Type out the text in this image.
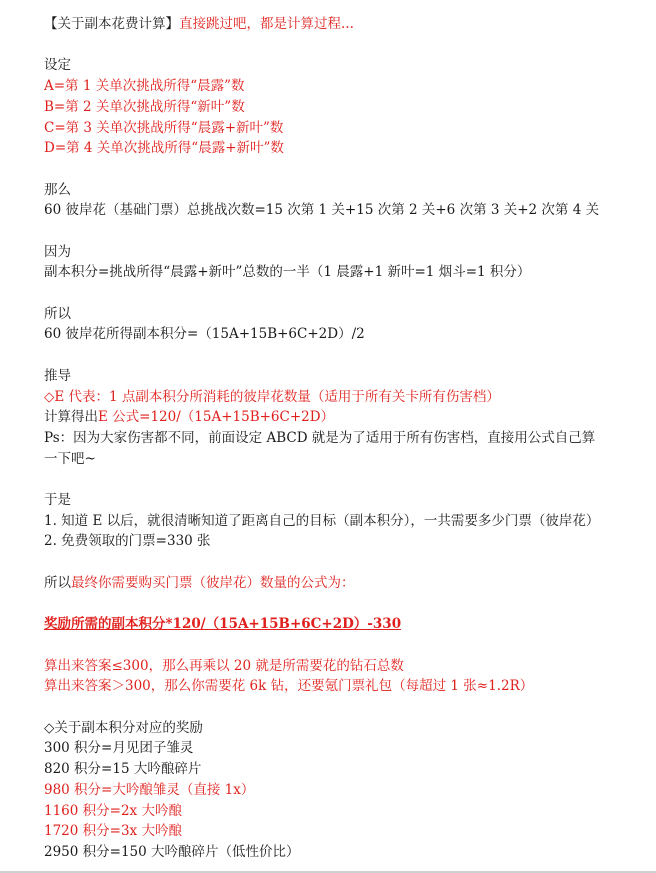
【关于副本花费计算】直接跳过吧，都是计算过程...
设定
A=第 1 关单次挑战所得“晨露”数
B=第 2 关单次挑战所得“新叶”数
C=第 3 关单次挑战所得“晨露+新叶”数
D=第 4 关单次挑战所得“晨露+新叶”数
那么
60 彼岸花（基础门票）总挑战次数=15 次第 1 关+15 次第 2 关+6 次第 3 关+2 次第 4 关
因为
副本积分=挑战所得“晨露+新叶”总数的一半（1 晨露+1 新叶=1 烟斗=1 积分）
所以
60 彼岸花所得副本积分=（15A+15B+6C+2D）/2
推导
◇E 代表：1 点副本积分所消耗的彼岸花数量（适用于所有关卡所有伤害档）
计算得出E 公式=120/（15A+15B+6C+2D）
Ps：因为大家伤害都不同，前面设定 ABCD 就是为了适用于所有伤害档，直接用公式自己算
一下吧~
于是
1. 知道 E 以后，就很清晰知道了距离自己的目标（副本积分），一共需要多少门票（彼岸花）
2. 免费领取的门票=330 张
所以最终你需要购买门票（彼岸花）数量的公式为：
奖励所需的副本积分*120/（15A+15B+6C+2D）-330
算出来答案≤300，那么再乘以 20 就是所需要花的钻石总数
算出来答案＞300，那么你需要花 6k 钻，还要氪门票礼包（每超过 1 张≈1.2R）
◇关于副本积分对应的奖励
300 积分=月见团子雏灵
820 积分=15 大吟酿碎片
980 积分=大吟酿雏灵（直接 1x）
1160 积分=2x 大吟酿
1720 积分=3x 大吟酿
2950 积分=150 大吟酿碎片（低性价比）
